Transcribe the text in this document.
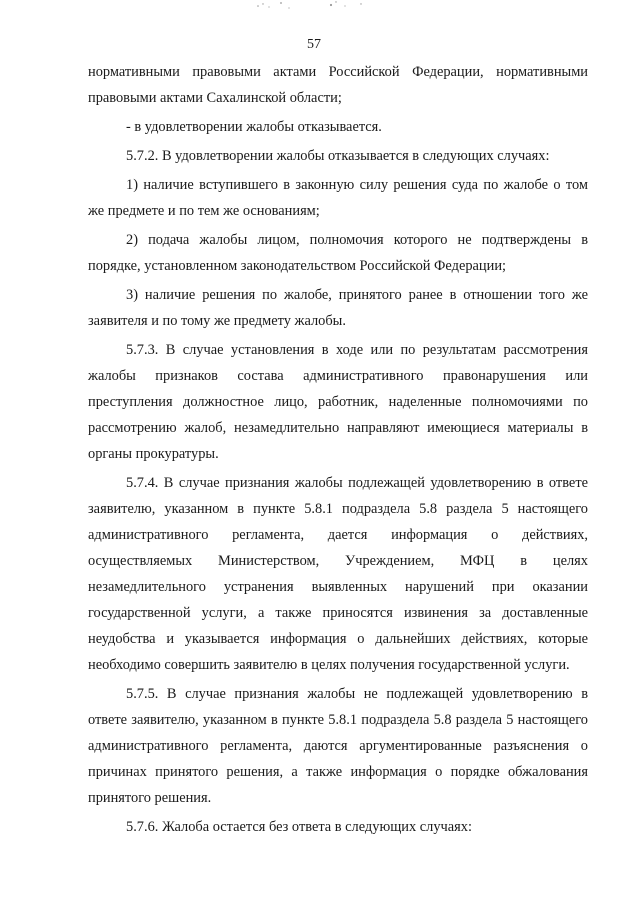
57

нормативными правовыми актами Российской Федерации, нормативными правовыми актами Сахалинской области;

- в удовлетворении жалобы отказывается.

5.7.2. В удовлетворении жалобы отказывается в следующих случаях:

1) наличие вступившего в законную силу решения суда по жалобе о том же предмете и по тем же основаниям;

2) подача жалобы лицом, полномочия которого не подтверждены в порядке, установленном законодательством Российской Федерации;

3) наличие решения по жалобе, принятого ранее в отношении того же заявителя и по тому же предмету жалобы.

5.7.3. В случае установления в ходе или по результатам рассмотрения жалобы признаков состава административного правонарушения или преступления должностное лицо, работник, наделенные полномочиями по рассмотрению жалоб, незамедлительно направляют имеющиеся материалы в органы прокуратуры.

5.7.4. В случае признания жалобы подлежащей удовлетворению в ответе заявителю, указанном в пункте 5.8.1 подраздела 5.8 раздела 5 настоящего административного регламента, дается информация о действиях, осуществляемых Министерством, Учреждением, МФЦ в целях незамедлительного устранения выявленных нарушений при оказании государственной услуги, а также приносятся извинения за доставленные неудобства и указывается информация о дальнейших действиях, которые необходимо совершить заявителю в целях получения государственной услуги.

5.7.5. В случае признания жалобы не подлежащей удовлетворению в ответе заявителю, указанном в пункте 5.8.1 подраздела 5.8 раздела 5 настоящего административного регламента, даются аргументированные разъяснения о причинах принятого решения, а также информация о порядке обжалования принятого решения.

5.7.6. Жалоба остается без ответа в следующих случаях:
